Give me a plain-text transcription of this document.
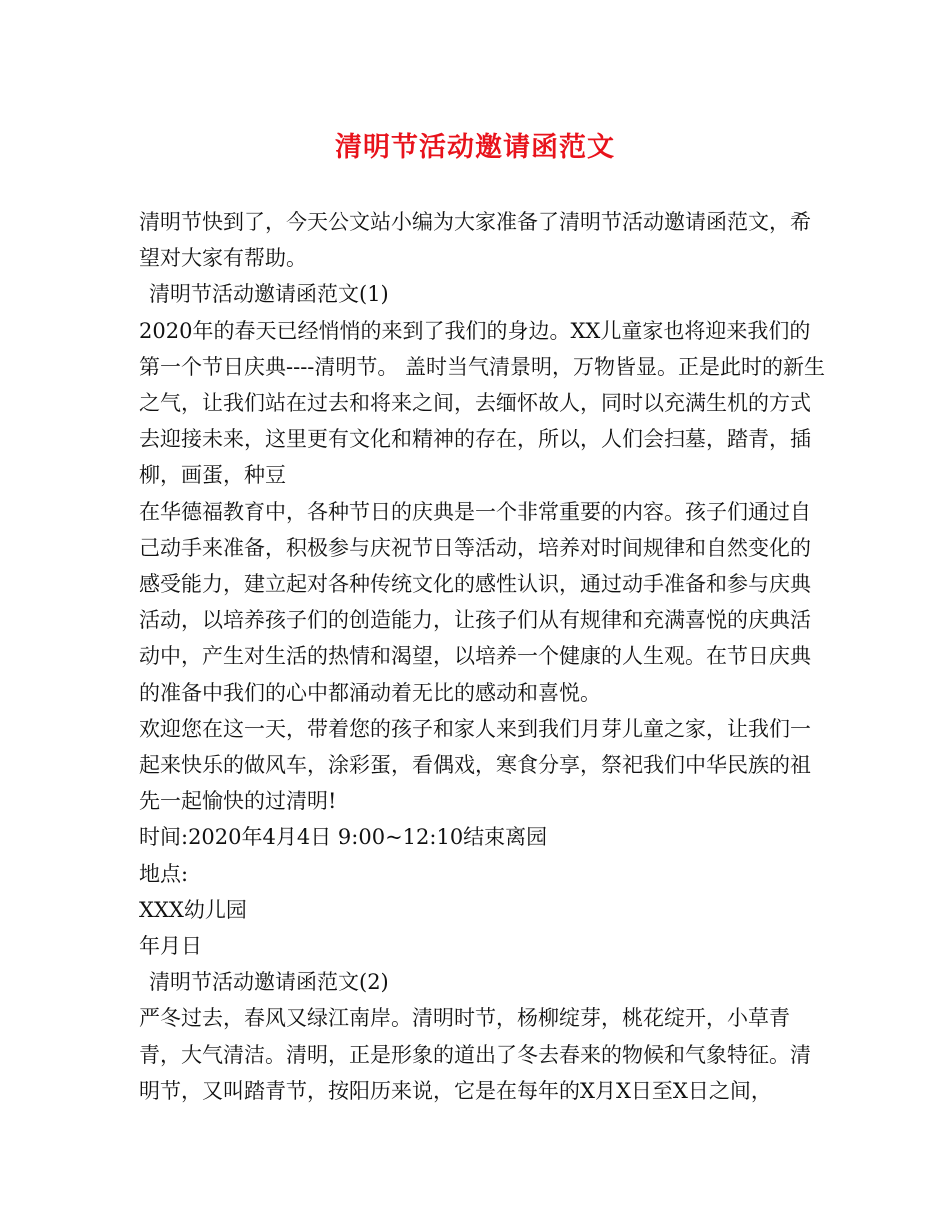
清明节活动邀请函范文

清明节快到了，今天公文站小编为大家准备了清明节活动邀请函范文，希望对大家有帮助。

清明节活动邀请函范文(1)

2020年的春天已经悄悄的来到了我们的身边。XX儿童家也将迎来我们的第一个节日庆典----清明节。 盖时当气清景明，万物皆显。正是此时的新生之气，让我们站在过去和将来之间，去缅怀故人，同时以充满生机的方式去迎接未来，这里更有文化和精神的存在，所以，人们会扫墓，踏青，插柳，画蛋，种豆

在华德福教育中，各种节日的庆典是一个非常重要的内容。孩子们通过自己动手来准备，积极参与庆祝节日等活动，培养对时间规律和自然变化的感受能力，建立起对各种传统文化的感性认识，通过动手准备和参与庆典活动，以培养孩子们的创造能力，让孩子们从有规律和充满喜悦的庆典活动中，产生对生活的热情和渴望，以培养一个健康的人生观。在节日庆典的准备中我们的心中都涌动着无比的感动和喜悦。

欢迎您在这一天，带着您的孩子和家人来到我们月芽儿童之家，让我们一起来快乐的做风车，涂彩蛋，看偶戏，寒食分享，祭祀我们中华民族的祖先一起愉快的过清明!

时间:2020年4月4日 9:00~12:10结束离园

地点:

XXX幼儿园

年月日

清明节活动邀请函范文(2)

严冬过去，春风又绿江南岸。清明时节，杨柳绽芽，桃花绽开，小草青青，大气清洁。清明，正是形象的道出了冬去春来的物候和气象特征。清明节，又叫踏青节，按阳历来说，它是在每年的X月X日至X日之间，
